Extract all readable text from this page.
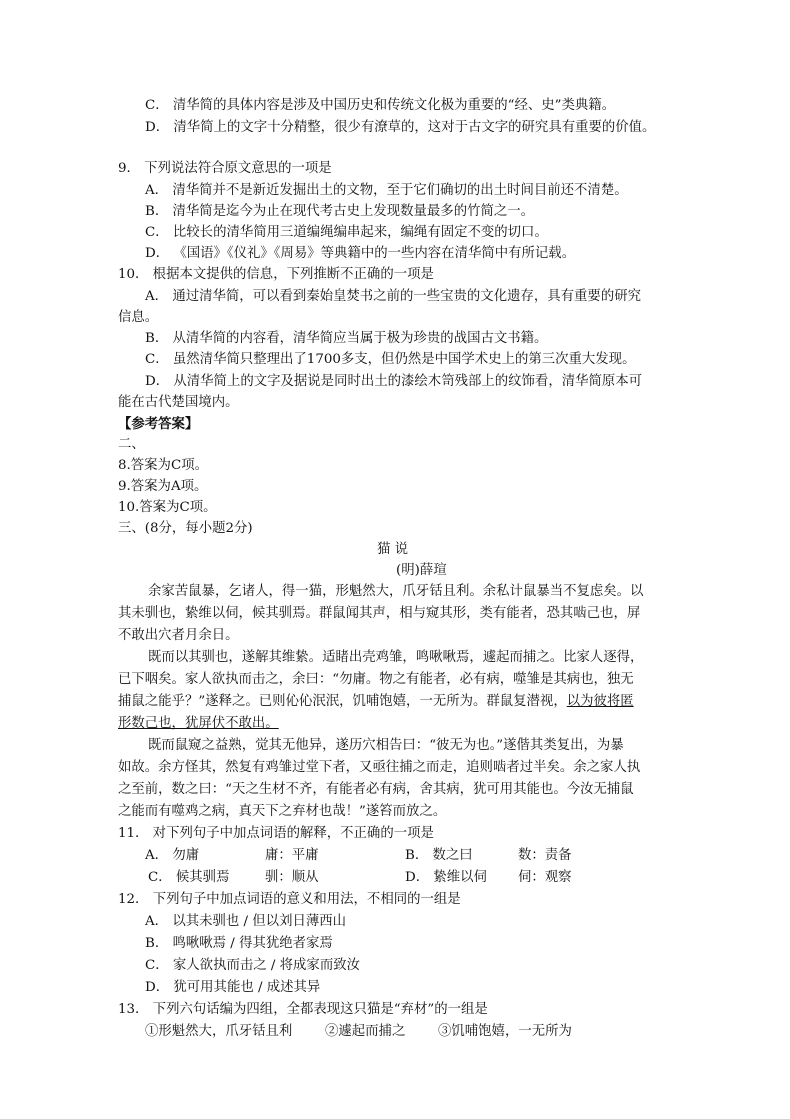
C． 清华简的具体内容是涉及中国历史和传统文化极为重要的“经、史”类典籍。
D． 清华简上的文字十分精整，很少有潦草的，这对于古文字的研究具有重要的价值。
9． 下列说法符合原文意思的一项是
A． 清华简并不是新近发掘出土的文物，至于它们确切的出土时间目前还不清楚。
B． 清华简是迄今为止在现代考古史上发现数量最多的竹简之一。
C． 比较长的清华简用三道编绳编串起来，编绳有固定不变的切口。
D． 《国语》《仪礼》《周易》等典籍中的一些内容在清华简中有所记载。
10． 根据本文提供的信息，下列推断不正确的一项是
A． 通过清华简，可以看到秦始皇焚书之前的一些宝贵的文化遗存，具有重要的研究
信息。
B． 从清华简的内容看，清华简应当属于极为珍贵的战国古文书籍。
C． 虽然清华简只整理出了1700多支，但仍然是中国学术史上的第三次重大发现。
D． 从清华简上的文字及据说是同时出土的漆绘木笥残部上的纹饰看，清华简原本可
能在古代楚国境内。
【参考答案】
二、
8.答案为C项。
9.答案为A项。
10.答案为C项。
三、(8分，每小题2分)
猫 说
(明)薛瑄
余家苦鼠暴，乞诸人，得一猫，形魁然大，爪牙铦且利。余私计鼠暴当不复虑矣。以
其未驯也，絷维以伺，候其驯焉。群鼠闻其声，相与窥其形，类有能者，恐其啮己也，屏
不敢出穴者月余日。
既而以其驯也，遂解其维絷。适睹出壳鸡雏，鸣啾啾焉，遽起而捕之。比家人逐得，
已下咽矣。家人欲执而击之，余曰：“勿庸。物之有能者，必有病，噬雏是其病也，独无
捕鼠之能乎？”遂释之。已则伈伈泯泯，饥哺饱嬉，一无所为。群鼠复潜视，以为彼将匿
形数己也，犹屏伏不敢出。
既而鼠窥之益熟，觉其无他异，遂历穴相告曰：“彼无为也。”遂偕其类复出，为暴
如故。余方怪其，然复有鸡雏过堂下者，又亟往捕之而走，追则啮者过半矣。余之家人执
之至前，数之曰：“天之生材不齐，有能者必有病，舍其病，犹可用其能也。今汝无捕鼠
之能而有噬鸡之病，真天下之弃材也哉！”遂笞而放之。
11． 对下列句子中加点词语的解释，不正确的一项是
A． 勿庸	庸：平庸	B． 数之曰	数：责备
C． 候其驯焉	驯：顺从	D． 絷维以伺 伺：观察
12． 下列句子中加点词语的意义和用法，不相同的一组是
A． 以其未驯也 / 但以刘日薄西山
B． 鸣啾啾焉 / 得其犹绝者家焉
C． 家人欲执而击之 / 将成家而致汝
D． 犹可用其能也 / 成述其异
13． 下列六句话编为四组，全都表现这只猫是“弃材”的一组是
①形魁然大，爪牙铦且利 ②遽起而捕之 ③饥哺饱嬉，一无所为
